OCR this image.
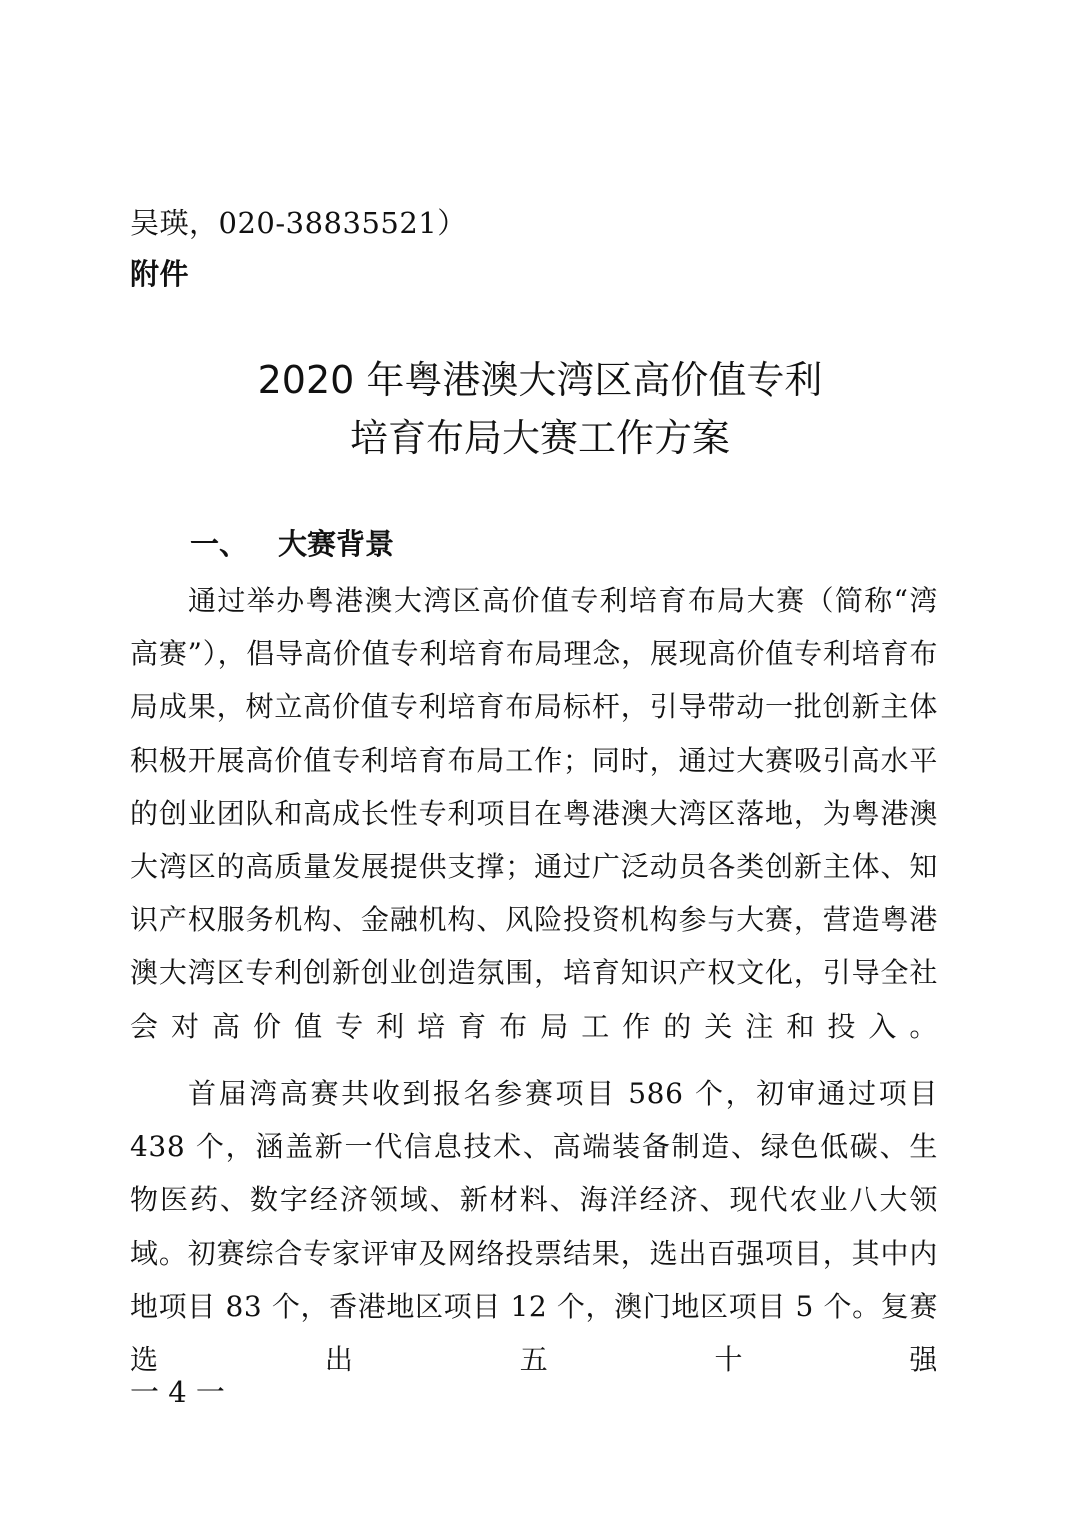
吴瑛，020-38835521）
附件
2020 年粤港澳大湾区高价值专利
培育布局大赛工作方案
一、 大赛背景

通过举办粤港澳大湾区高价值专利培育布局大赛（简称“湾高赛”），倡导高价值专利培育布局理念，展现高价值专利培育布局成果，树立高价值专利培育布局标杆，引导带动一批创新主体积极开展高价值专利培育布局工作；同时，通过大赛吸引高水平的创业团队和高成长性专利项目在粤港澳大湾区落地，为粤港澳大湾区的高质量发展提供支撑；通过广泛动员各类创新主体、知识产权服务机构、金融机构、风险投资机构参与大赛，营造粤港澳大湾区专利创新创业创造氛围，培育知识产权文化，引导全社会对高价值专利培育布局工作的关注和投入。

首届湾高赛共收到报名参赛项目 586 个，初审通过项目 438 个，涵盖新一代信息技术、高端装备制造、绿色低碳、生物医药、数字经济领域、新材料、海洋经济、现代农业八大领域。初赛综合专家评审及网络投票结果，选出百强项目，其中内地项目 83 个，香港地区项目 12 个，澳门地区项目 5 个。复赛选出五十强

一 4 一
